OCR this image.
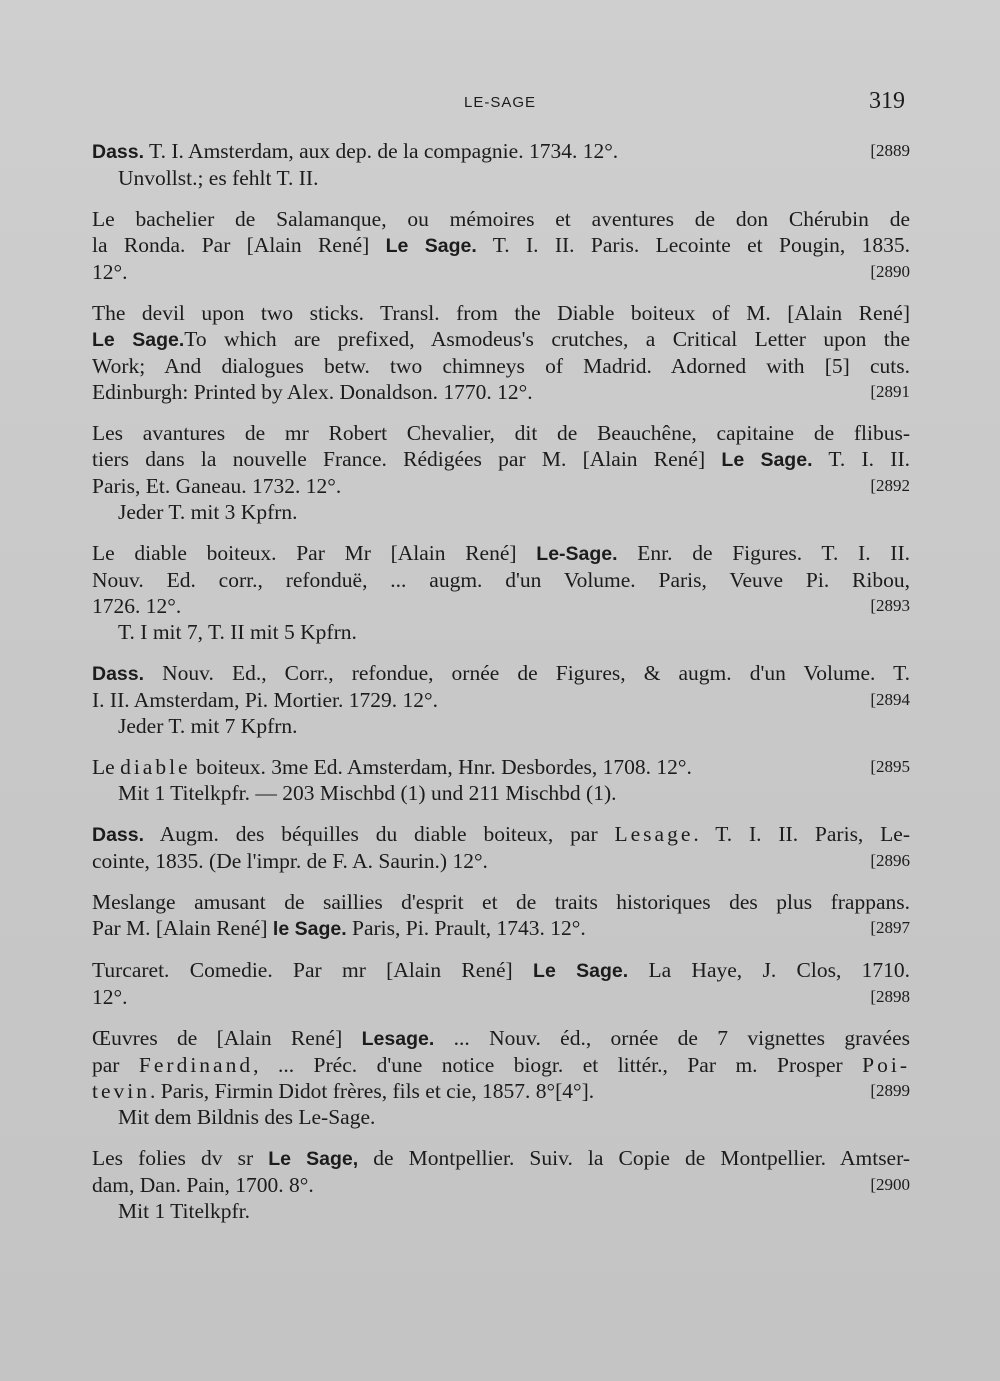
LE-SAGE	319
Dass. T. I. Amsterdam, aux dep. de la compagnie. 1734. 12°.	[2889
Unvollst.; es fehlt T. II.
Le bachelier de Salamanque, ou mémoires et aventures de don Chérubin de
la Ronda. Par [Alain René] Le Sage. T. I. II. Paris. Lecointe et Pougin, 1835.
12°.	[2890
The devil upon two sticks. Transl. from the Diable boiteux of M. [Alain René]
Le Sage.To which are prefixed, Asmodeus's crutches, a Critical Letter upon the
Work; And dialogues betw. two chimneys of Madrid. Adorned with [5] cuts.
Edinburgh: Printed by Alex. Donaldson. 1770. 12°.	[2891
Les avantures de mr Robert Chevalier, dit de Beauchêne, capitaine de flibus-
tiers dans la nouvelle France. Rédigées par M. [Alain René] Le Sage. T. I. II.
Paris, Et. Ganeau. 1732. 12°.	[2892
Jeder T. mit 3 Kpfrn.
Le diable boiteux. Par Mr [Alain René] Le-Sage. Enr. de Figures. T. I. II.
Nouv. Ed. corr., refonduë, ... augm. d'un Volume. Paris, Veuve Pi. Ribou,
1726. 12°.	[2893
T. I mit 7, T. II mit 5 Kpfrn.
Dass. Nouv. Ed., Corr., refondue, ornée de Figures, & augm. d'un Volume. T.
I. II. Amsterdam, Pi. Mortier. 1729. 12°.	[2894
Jeder T. mit 7 Kpfrn.
Le diable boiteux. 3me Ed. Amsterdam, Hnr. Desbordes, 1708. 12°.	[2895
Mit 1 Titelkpfr. — 203 Mischbd (1) und 211 Mischbd (1).
Dass. Augm. des béquilles du diable boiteux, par Lesage. T. I. II. Paris, Le-
cointe, 1835. (De l'impr. de F. A. Saurin.) 12°.	[2896
Meslange amusant de saillies d'esprit et de traits historiques des plus frappans.
Par M. [Alain René] le Sage. Paris, Pi. Prault, 1743. 12°.	[2897
Turcaret. Comedie. Par mr [Alain René] Le Sage. La Haye, J. Clos, 1710.
12°.	[2898
Œuvres de [Alain René] Lesage. ... Nouv. éd., ornée de 7 vignettes gravées
par Ferdinand, ... Préc. d'une notice biogr. et littér., Par m. Prosper Poi-
tevin. Paris, Firmin Didot frères, fils et cie, 1857. 8°[4°].	[2899
Mit dem Bildnis des Le-Sage.
Les folies dv sr Le Sage, de Montpellier. Suiv. la Copie de Montpellier. Amtser-
dam, Dan. Pain, 1700. 8°.	[2900
Mit 1 Titelkpfr.
